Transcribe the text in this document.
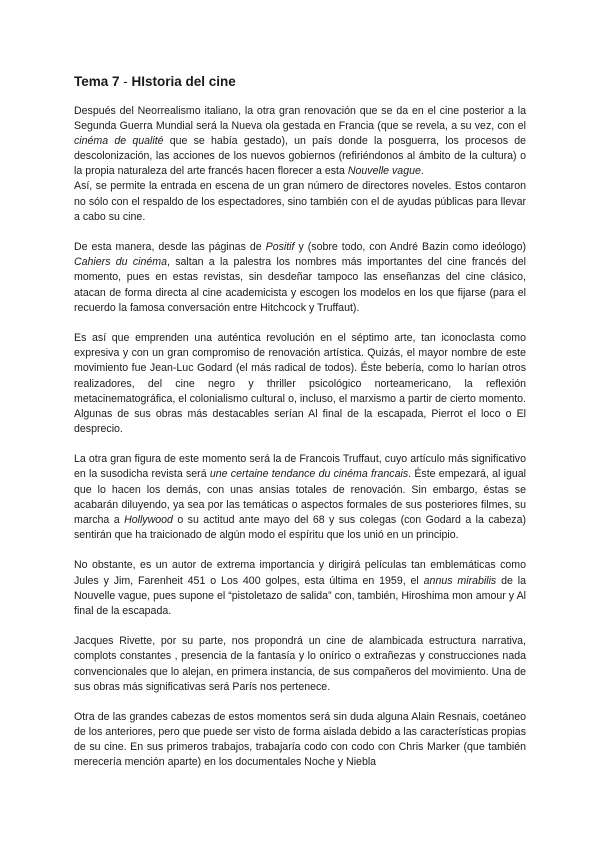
Tema 7 - HIstoria del cine

Después del Neorrealismo italiano, la otra gran renovación que se da en el cine posterior a la Segunda Guerra Mundial será la Nueva ola gestada en Francia (que se revela, a su vez, con el cinéma de qualité que se había gestado), un país donde la posguerra, los procesos de descolonización, las acciones de los nuevos gobiernos (refiriéndonos al ámbito de la cultura) o la propia naturaleza del arte francés hacen florecer a esta Nouvelle vague.

Así, se permite la entrada en escena de un gran número de directores noveles. Estos contaron no sólo con el respaldo de los espectadores, sino también con el de ayudas públicas para llevar a cabo su cine.

De esta manera, desde las páginas de Positif y (sobre todo, con André Bazin como ideólogo) Cahiers du cinéma, saltan a la palestra los nombres más importantes del cine francés del momento, pues en estas revistas, sin desdeñar tampoco las enseñanzas del cine clásico, atacan de forma directa al cine academicista y escogen los modelos en los que fijarse (para el recuerdo la famosa conversación entre Hitchcock y Truffaut).

Es así que emprenden una auténtica revolución en el séptimo arte, tan iconoclasta como expresiva y con un gran compromiso de renovación artística. Quizás, el mayor nombre de este movimiento fue Jean-Luc Godard (el más radical de todos). Éste bebería, como lo harían otros realizadores, del cine negro y thriller psicológico norteamericano, la reflexión metacinematográfica, el colonialismo cultural o, incluso, el marxismo a partir de cierto momento. Algunas de sus obras más destacables serían Al final de la escapada, Pierrot el loco o El desprecio.

La otra gran figura de este momento será la de Francois Truffaut, cuyo artículo más significativo en la susodicha revista será une certaine tendance du cinéma francais. Éste empezará, al igual que lo hacen los demás, con unas ansias totales de renovación. Sin embargo, éstas se acabarán diluyendo, ya sea por las temáticas o aspectos formales de sus posteriores filmes, su marcha a Hollywood o su actitud ante mayo del 68 y sus colegas (con Godard a la cabeza) sentirán que ha traicionado de algún modo el espíritu que los unió en un principio.

No obstante, es un autor de extrema importancia y dirigirá películas tan emblemáticas como Jules y Jim, Farenheit 451 o Los 400 golpes, esta última en 1959, el annus mirabilis de la Nouvelle vague, pues supone el “pistoletazo de salida” con, también, Hiroshima mon amour y Al final de la escapada.

Jacques Rivette, por su parte, nos propondrá un cine de alambicada estructura narrativa, complots constantes , presencia de la fantasía y lo onírico o extrañezas y construcciones nada convencionales que lo alejan, en primera instancia, de sus compañeros del movimiento. Una de sus obras más significativas será París nos pertenece.

Otra de las grandes cabezas de estos momentos será sin duda alguna Alain Resnais, coetáneo de los anteriores, pero que puede ser visto de forma aislada debido a las características propias de su cine. En sus primeros trabajos, trabajaría codo con codo con Chris Marker (que también merecería mención aparte) en los documentales Noche y Niebla
